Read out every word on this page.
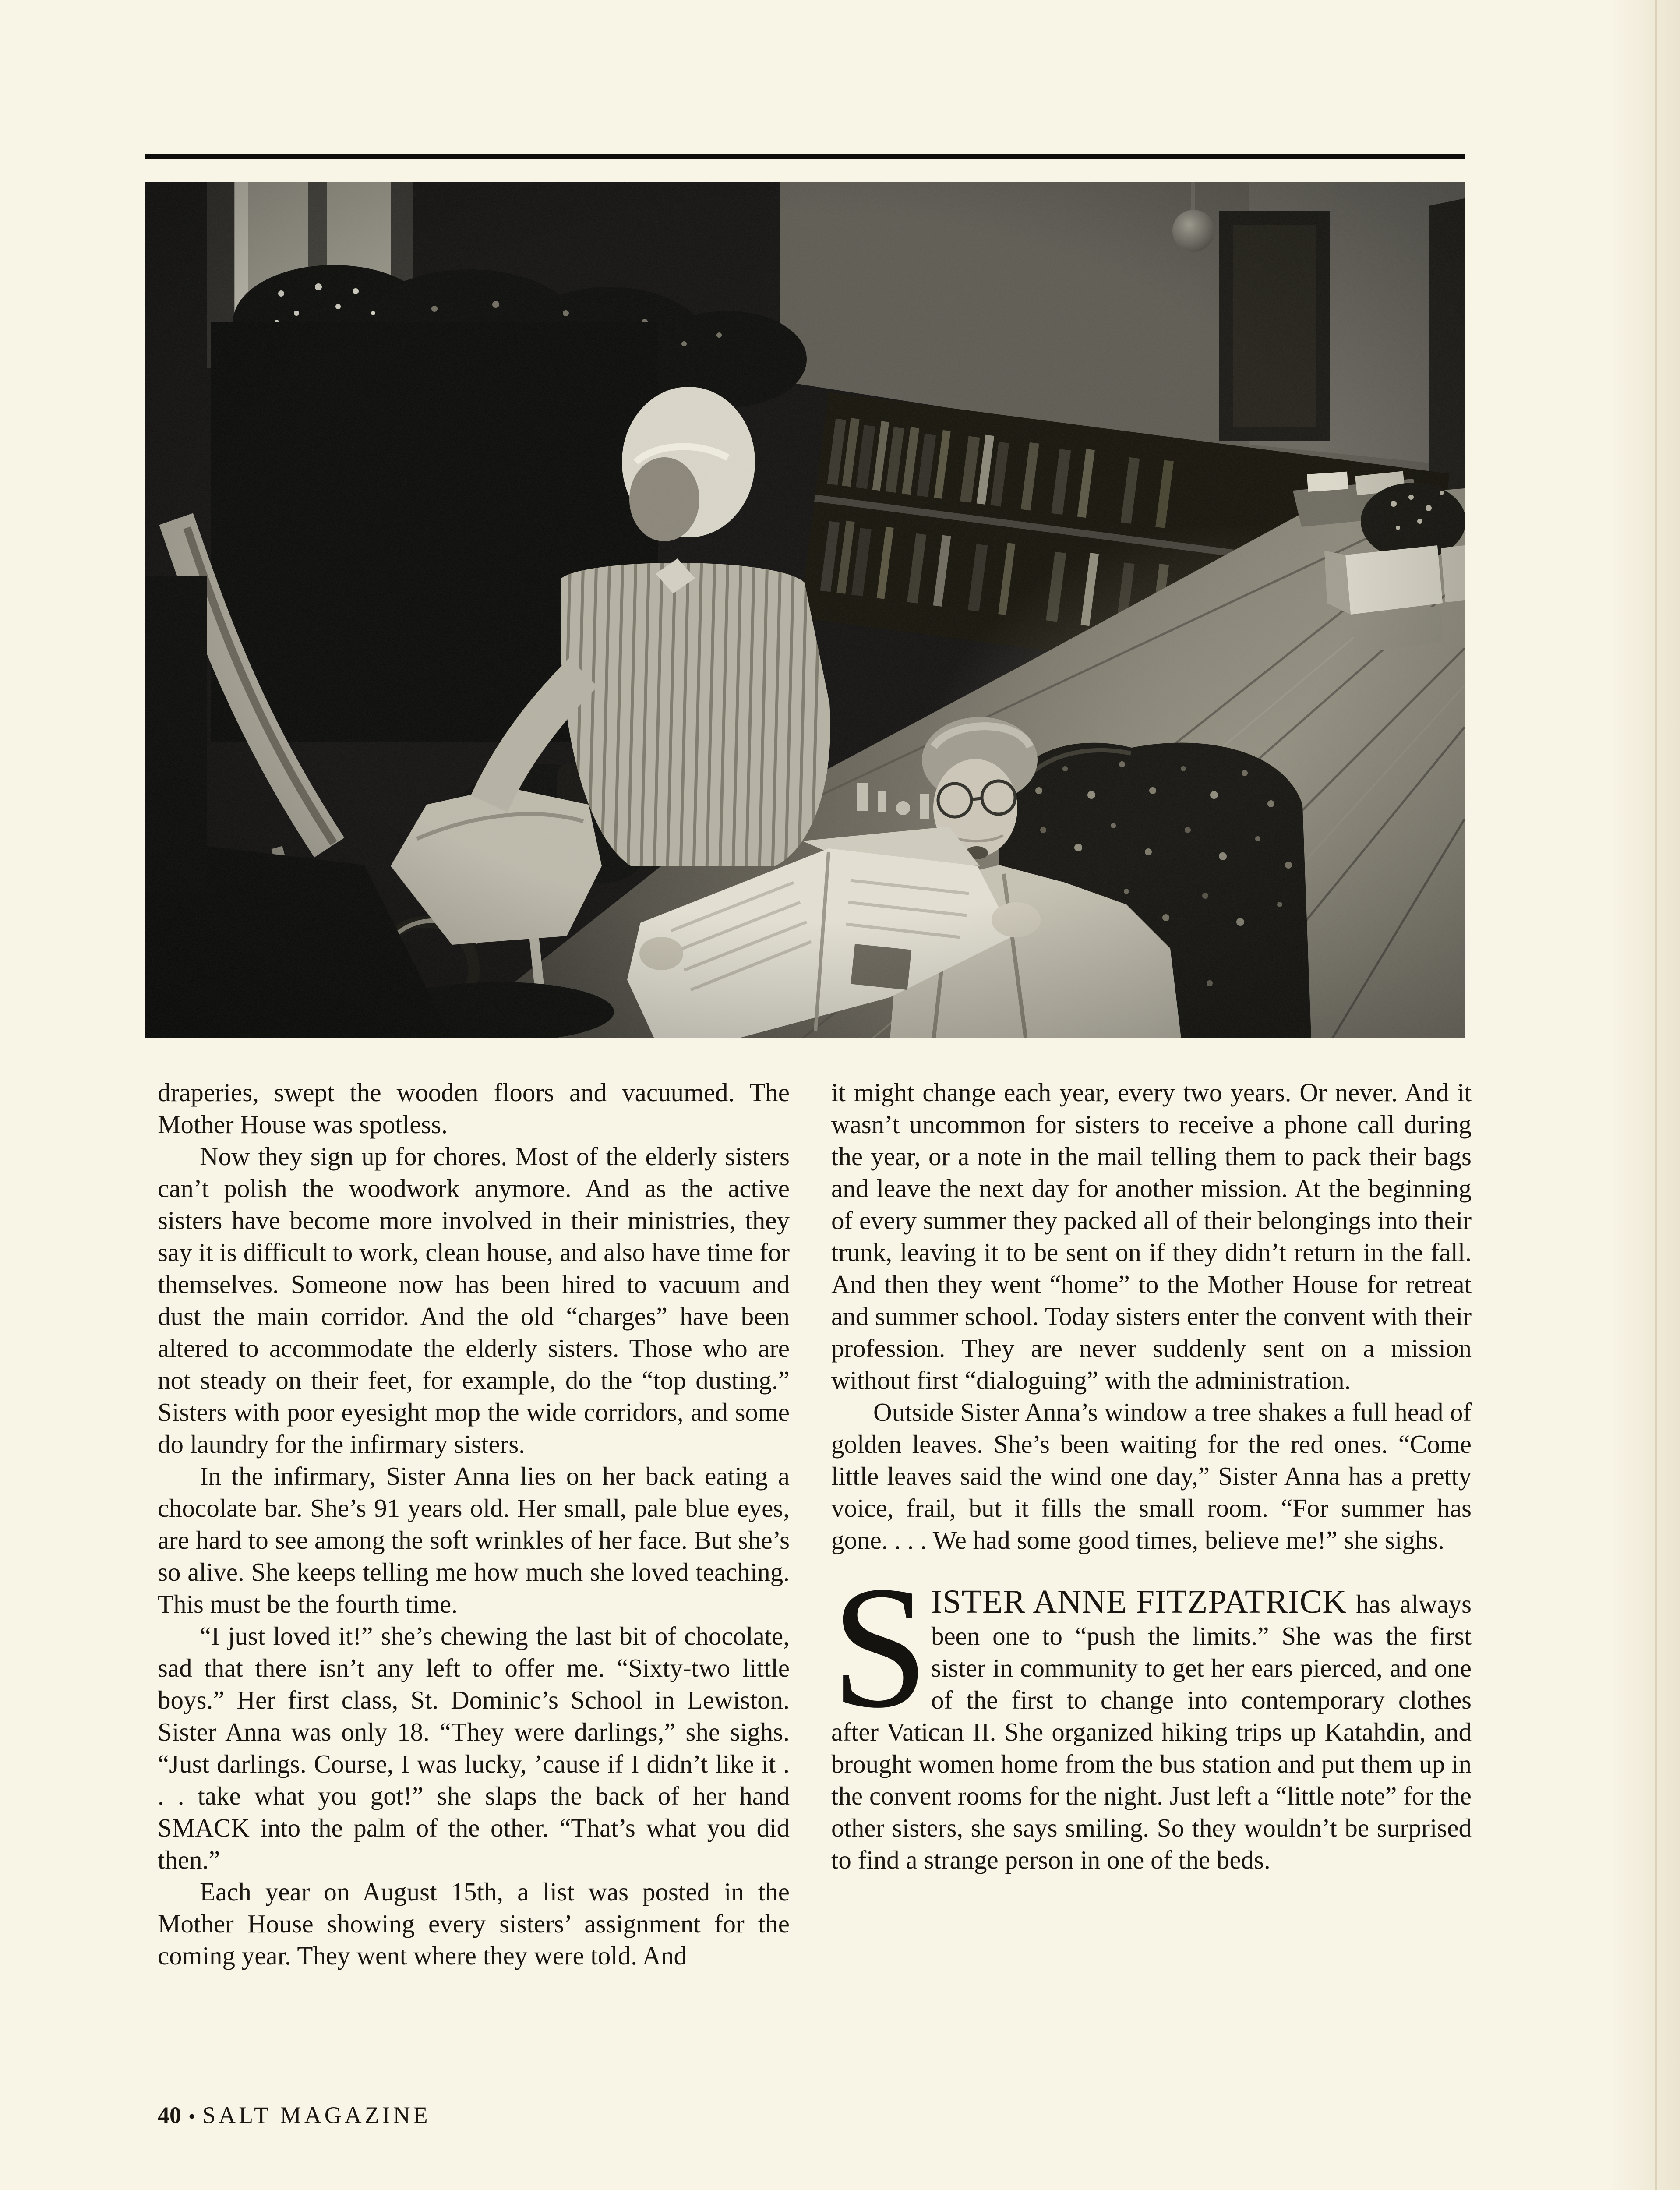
draperies, swept the wooden floors and vacuumed. The Mother House was spotless.

Now they sign up for chores. Most of the elderly sisters can’t polish the woodwork anymore. And as the active sisters have become more involved in their ministries, they say it is difficult to work, clean house, and also have time for themselves. Someone now has been hired to vacuum and dust the main corridor. And the old “charges” have been altered to accommodate the elderly sisters. Those who are not steady on their feet, for example, do the “top dusting.” Sisters with poor eyesight mop the wide corridors, and some do laundry for the infirmary sisters.

In the infirmary, Sister Anna lies on her back eating a chocolate bar. She’s 91 years old. Her small, pale blue eyes, are hard to see among the soft wrinkles of her face. But she’s so alive. She keeps telling me how much she loved teaching. This must be the fourth time.

“I just loved it!” she’s chewing the last bit of chocolate, sad that there isn’t any left to offer me. “Sixty-two little boys.” Her first class, St. Dominic’s School in Lewiston. Sister Anna was only 18. “They were darlings,” she sighs. “Just darlings. Course, I was lucky, ’cause if I didn’t like it . . . take what you got!” she slaps the back of her hand SMACK into the palm of the other. “That’s what you did then.”

Each year on August 15th, a list was posted in the Mother House showing every sisters’ assignment for the coming year. They went where they were told. And

it might change each year, every two years. Or never. And it wasn’t uncommon for sisters to receive a phone call during the year, or a note in the mail telling them to pack their bags and leave the next day for another mission. At the beginning of every summer they packed all of their belongings into their trunk, leaving it to be sent on if they didn’t return in the fall. And then they went “home” to the Mother House for retreat and summer school. Today sisters enter the convent with their profession. They are never suddenly sent on a mission without first “dialoguing” with the administration.

Outside Sister Anna’s window a tree shakes a full head of golden leaves. She’s been waiting for the red ones. “Come little leaves said the wind one day,” Sister Anna has a pretty voice, frail, but it fills the small room. “For summer has gone. . . . We had some good times, believe me!” she sighs.

SISTER ANNE FITZPATRICK has always been one to “push the limits.” She was the first sister in community to get her ears pierced, and one of the first to change into contemporary clothes after Vatican II. She organized hiking trips up Katahdin, and brought women home from the bus station and put them up in the convent rooms for the night. Just left a “little note” for the other sisters, she says smiling. So they wouldn’t be surprised to find a strange person in one of the beds.

40 • SALT MAGAZINE
